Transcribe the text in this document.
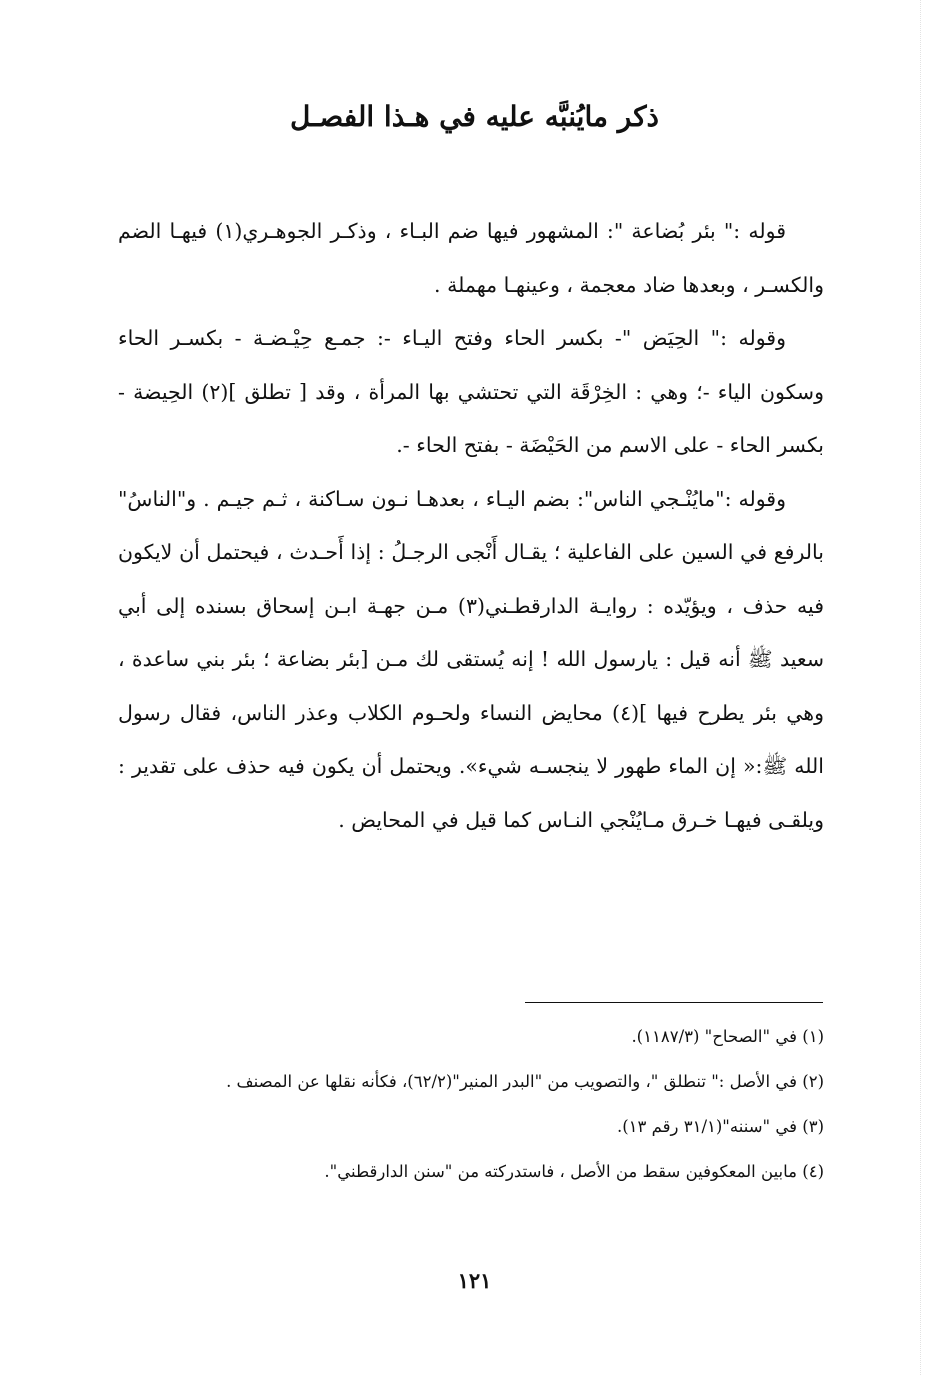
ذكر مايُنبَّه عليه في هـذا الفصـل

قوله :" بئر بُضاعة ": المشهور فيها ضم البـاء ، وذكـر الجوهـري(١) فيهـا الضم والكسـر ، وبعدها ضاد معجمة ، وعينهـا مهملة .

وقوله :" الحِيَض "- بكسر الحاء وفتح اليـاء -: جمـع حِيْـضـة - بكسـر الحاء وسكون الياء -؛ وهي : الخِرْقَة التي تحتشي بها المرأة ، وقد [ تطلق ](٢) الحِيضة - بكسر الحاء - على الاسم من الحَيْضَة - بفتح الحاء -.

وقوله :"مايُنْـجي الناس": بضم اليـاء ، بعدهـا نـون سـاكنة ، ثـم جيـم . و"الناسُ" بالرفع في السين على الفاعلية ؛ يقـال أَنْجى الرجـلُ : إذا أَحـدث ، فيحتمل أن لايكون فيه حذف ، ويؤيّده : روايـة الدارقطـني(٣) مـن جهـة ابـن إسحاق بسنده إلى أبي سعيد ﷺ أنه قيل : يارسول الله ! إنه يُستقى لك مـن [بئر بضاعة ؛ بئر بني ساعدة ، وهي بئر يطرح فيها ](٤) محايض النساء ولحـوم الكلاب وعذر الناس، فقال رسول الله ﷺ:« إن الماء طهور لا ينجسـه شيء». ويحتمل أن يكون فيه حذف على تقدير : ويلقـى فيهـا خـرق مـايُنْجي النـاس كما قيل في المحايض .

(١) في "الصحاح" (١١٨٧/٣).
(٢) في الأصل :" تنطلق "، والتصويب من "البدر المنير"(٦٢/٢)، فكأنه نقلها عن المصنف .
(٣) في "سننه"(٣١/١ رقم ١٣).
(٤) مابين المعكوفين سقط من الأصل ، فاستدركته من "سنن الدارقطني".
١٢١
